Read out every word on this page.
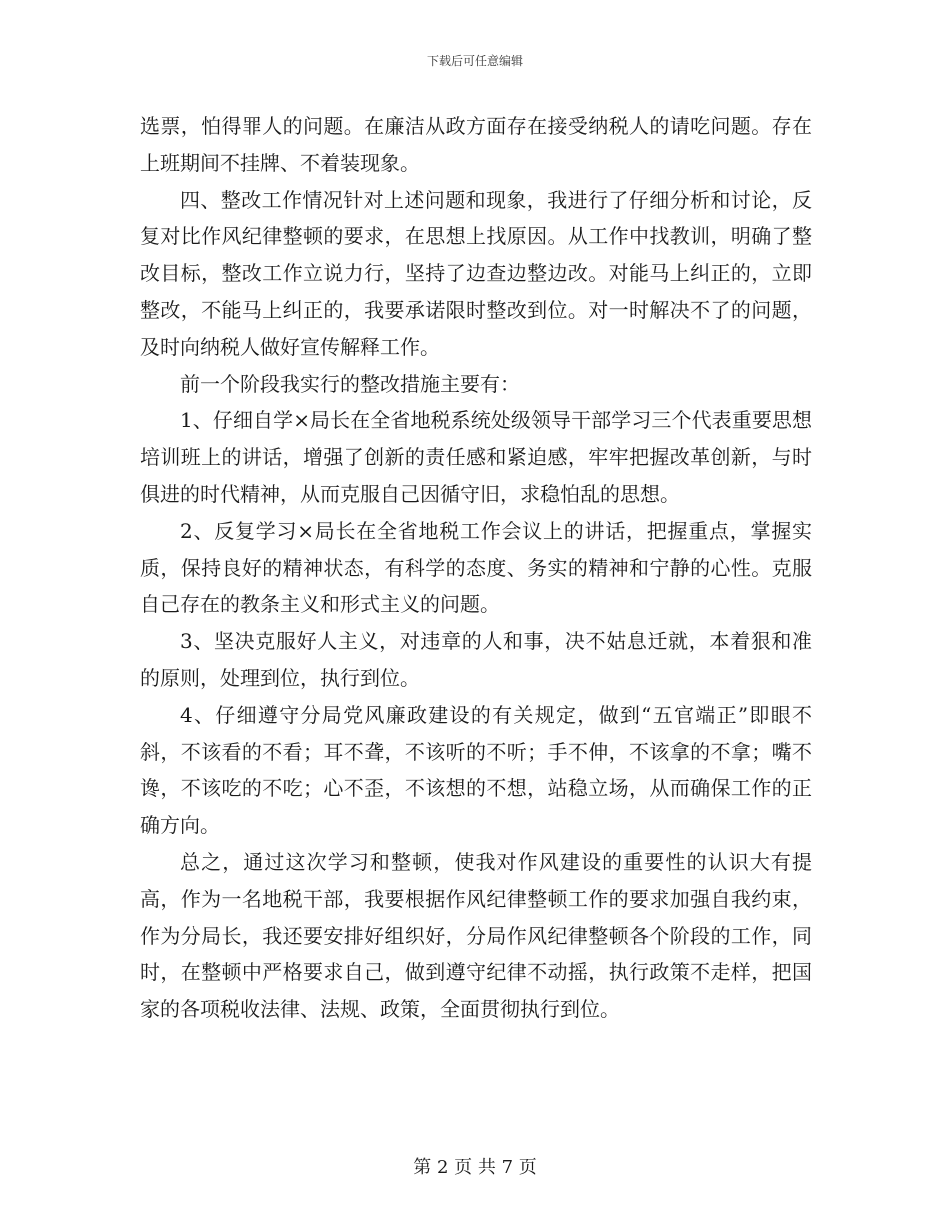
下载后可任意编辑

选票，怕得罪人的问题。在廉洁从政方面存在接受纳税人的请吃问题。存在上班期间不挂牌、不着装现象。

四、整改工作情况针对上述问题和现象，我进行了仔细分析和讨论，反复对比作风纪律整顿的要求，在思想上找原因。从工作中找教训，明确了整改目标，整改工作立说力行，坚持了边查边整边改。对能马上纠正的，立即整改，不能马上纠正的，我要承诺限时整改到位。对一时解决不了的问题，及时向纳税人做好宣传解释工作。

前一个阶段我实行的整改措施主要有：

1、仔细自学×局长在全省地税系统处级领导干部学习三个代表重要思想培训班上的讲话，增强了创新的责任感和紧迫感，牢牢把握改革创新，与时俱进的时代精神，从而克服自己因循守旧，求稳怕乱的思想。

2、反复学习×局长在全省地税工作会议上的讲话，把握重点，掌握实质，保持良好的精神状态，有科学的态度、务实的精神和宁静的心性。克服自己存在的教条主义和形式主义的问题。

3、坚决克服好人主义，对违章的人和事，决不姑息迁就，本着狠和准的原则，处理到位，执行到位。

4、仔细遵守分局党风廉政建设的有关规定，做到“五官端正”即眼不斜，不该看的不看；耳不聋，不该听的不听；手不伸，不该拿的不拿；嘴不谗，不该吃的不吃；心不歪，不该想的不想，站稳立场，从而确保工作的正确方向。

总之，通过这次学习和整顿，使我对作风建设的重要性的认识大有提高，作为一名地税干部，我要根据作风纪律整顿工作的要求加强自我约束，作为分局长，我还要安排好组织好，分局作风纪律整顿各个阶段的工作，同时，在整顿中严格要求自己，做到遵守纪律不动摇，执行政策不走样，把国家的各项税收法律、法规、政策，全面贯彻执行到位。

第 2 页 共 7 页
